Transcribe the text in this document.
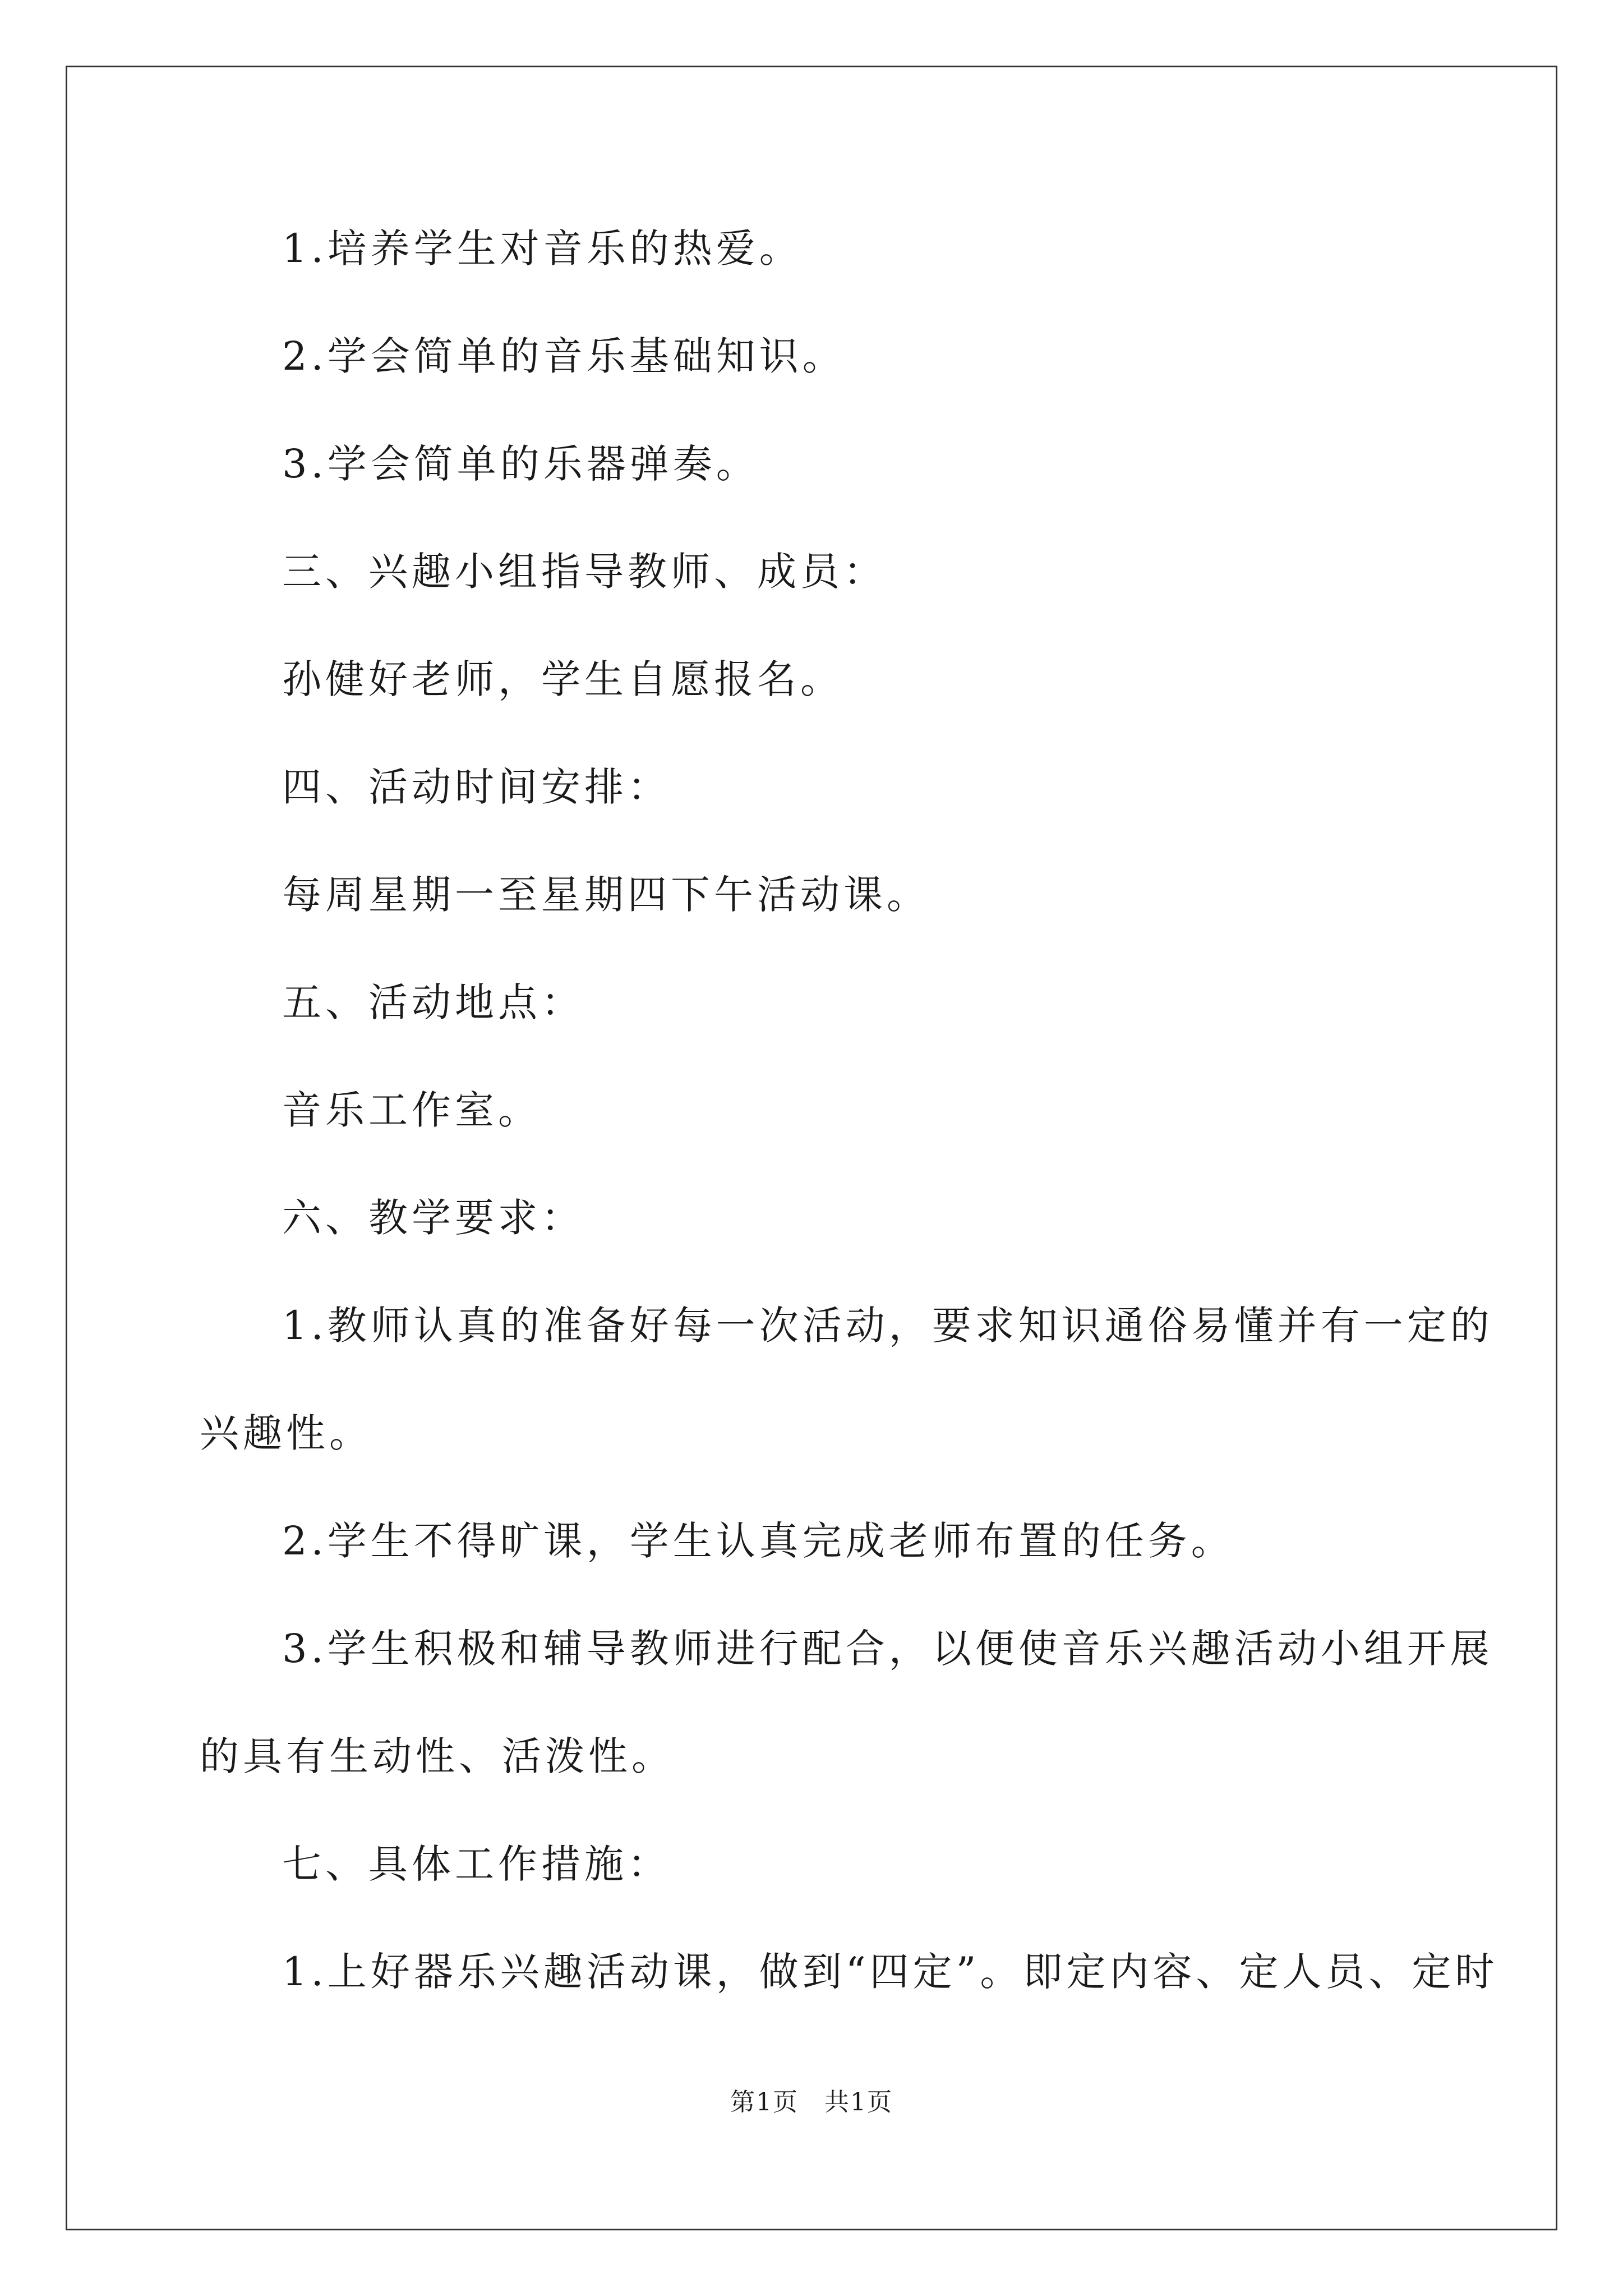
1.培养学生对音乐的热爱。
2.学会简单的音乐基础知识。
3.学会简单的乐器弹奏。
三、兴趣小组指导教师、成员：
孙健好老师，学生自愿报名。
四、活动时间安排：
每周星期一至星期四下午活动课。
五、活动地点：
音乐工作室。
六、教学要求：
1.教师认真的准备好每一次活动，要求知识通俗易懂并有一定的
兴趣性。
2.学生不得旷课，学生认真完成老师布置的任务。
3.学生积极和辅导教师进行配合，以便使音乐兴趣活动小组开展
的具有生动性、活泼性。
七、具体工作措施：
1.上好器乐兴趣活动课，做到“四定”。即定内容、定人员、定时
第1页　共1页
